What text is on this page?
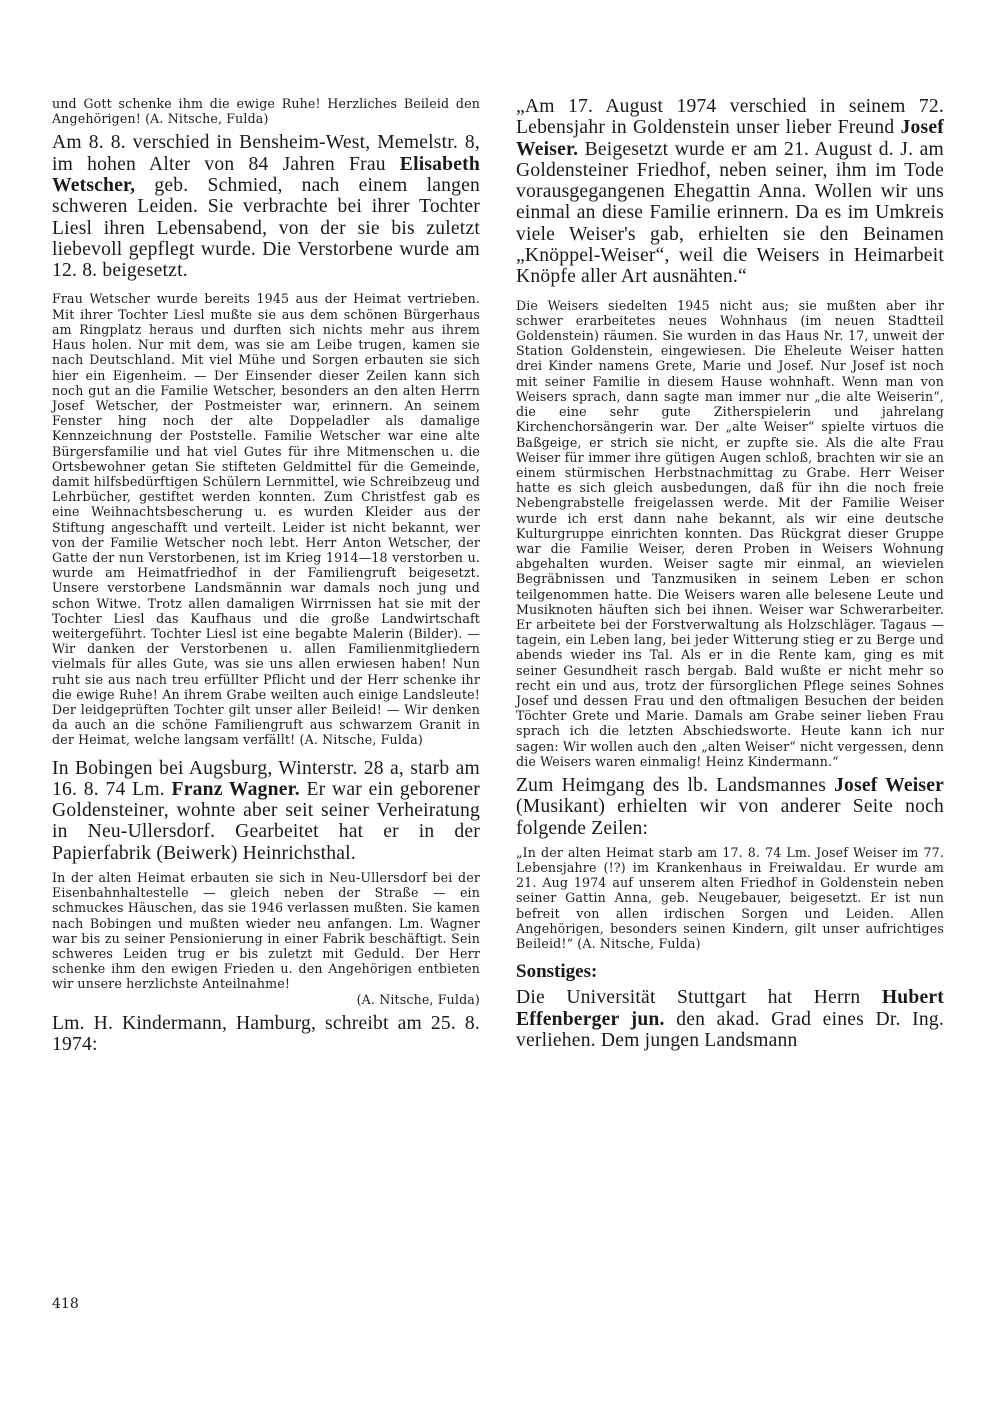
und Gott schenke ihm die ewige Ruhe! Herzliches Beileid den Angehörigen! (A. Nitsche, Fulda)

Am 8. 8. verschied in Bensheim-West, Memelstr. 8, im hohen Alter von 84 Jahren Frau Elisabeth Wetscher, geb. Schmied, nach einem langen schweren Leiden. Sie verbrachte bei ihrer Tochter Liesl ihren Lebensabend, von der sie bis zuletzt liebevoll gepflegt wurde. Die Verstorbene wurde am 12. 8. beigesetzt.

Frau Wetscher wurde bereits 1945 aus der Heimat vertrieben. Mit ihrer Tochter Liesl mußte sie aus dem schönen Bürgerhaus am Ringplatz heraus und durften sich nichts mehr aus ihrem Haus holen. Nur mit dem, was sie am Leibe trugen, kamen sie nach Deutschland. Mit viel Mühe und Sorgen erbauten sie sich hier ein Eigenheim. — Der Einsender dieser Zeilen kann sich noch gut an die Familie Wetscher, besonders an den alten Herrn Josef Wetscher, der Postmeister war, erinnern. An seinem Fenster hing noch der alte Doppeladler als damalige Kennzeichnung der Poststelle. Familie Wetscher war eine alte Bürgersfamilie und hat viel Gutes für ihre Mitmenschen u. die Ortsbewohner getan Sie stifteten Geldmittel für die Gemeinde, damit hilfsbedürftigen Schülern Lernmittel, wie Schreibzeug und Lehrbücher, gestiftet werden konnten. Zum Christfest gab es eine Weihnachtsbescherung u. es wurden Kleider aus der Stiftung angeschafft und verteilt. Leider ist nicht bekannt, wer von der Familie Wetscher noch lebt. Herr Anton Wetscher, der Gatte der nun Verstorbenen, ist im Krieg 1914—18 verstorben u. wurde am Heimatfriedhof in der Familiengruft beigesetzt. Unsere verstorbene Landsmännin war damals noch jung und schon Witwe. Trotz allen damaligen Wirrnissen hat sie mit der Tochter Liesl das Kaufhaus und die große Landwirtschaft weitergeführt. Tochter Liesl ist eine begabte Malerin (Bilder). — Wir danken der Verstorbenen u. allen Familienmitgliedern vielmals für alles Gute, was sie uns allen erwiesen haben! Nun ruht sie aus nach treu erfüllter Pflicht und der Herr schenke ihr die ewige Ruhe! An ihrem Grabe weilten auch einige Landsleute! Der leidgeprüften Tochter gilt unser aller Beileid! — Wir denken da auch an die schöne Familiengruft aus schwarzem Granit in der Heimat, welche langsam verfällt! (A. Nitsche, Fulda)

In Bobingen bei Augsburg, Winterstr. 28 a, starb am 16. 8. 74 Lm. Franz Wagner. Er war ein geborener Goldensteiner, wohnte aber seit seiner Verheiratung in Neu-Ullersdorf. Gearbeitet hat er in der Papierfabrik (Beiwerk) Heinrichsthal.

In der alten Heimat erbauten sie sich in Neu-Ullersdorf bei der Eisenbahnhaltestelle — gleich neben der Straße — ein schmuckes Häuschen, das sie 1946 verlassen mußten. Sie kamen nach Bobingen und mußten wieder neu anfangen. Lm. Wagner war bis zu seiner Pensionierung in einer Fabrik beschäftigt. Sein schweres Leiden trug er bis zuletzt mit Geduld. Der Herr schenke ihm den ewigen Frieden u. den Angehörigen entbieten wir unsere herzlichste Anteilnahme!
(A. Nitsche, Fulda)

Lm. H. Kindermann, Hamburg, schreibt am 25. 8. 1974:

„Am 17. August 1974 verschied in seinem 72. Lebensjahr in Goldenstein unser lieber Freund Josef Weiser. Beigesetzt wurde er am 21. August d. J. am Goldensteiner Friedhof, neben seiner, ihm im Tode vorausgegangenen Ehegattin Anna. Wollen wir uns einmal an diese Familie erinnern. Da es im Umkreis viele Weiser's gab, erhielten sie den Beinamen „Knöppel-Weiser“, weil die Weisers in Heimarbeit Knöpfe aller Art ausnähten.“

Die Weisers siedelten 1945 nicht aus; sie mußten aber ihr schwer erarbeitetes neues Wohnhaus (im neuen Stadtteil Goldenstein) räumen. Sie wurden in das Haus Nr. 17, unweit der Station Goldenstein, eingewiesen. Die Eheleute Weiser hatten drei Kinder namens Grete, Marie und Josef. Nur Josef ist noch mit seiner Familie in diesem Hause wohnhaft. Wenn man von Weisers sprach, dann sagte man immer nur „die alte Weiserin“, die eine sehr gute Zitherspielerin und jahrelang Kirchenchorsängerin war. Der „alte Weiser“ spielte virtuos die Baßgeige, er strich sie nicht, er zupfte sie. Als die alte Frau Weiser für immer ihre gütigen Augen schloß, brachten wir sie an einem stürmischen Herbstnachmittag zu Grabe. Herr Weiser hatte es sich gleich ausbedungen, daß für ihn die noch freie Nebengrabstelle freigelassen werde. Mit der Familie Weiser wurde ich erst dann nahe bekannt, als wir eine deutsche Kulturgruppe einrichten konnten. Das Rückgrat dieser Gruppe war die Familie Weiser, deren Proben in Weisers Wohnung abgehalten wurden. Weiser sagte mir einmal, an wievielen Begräbnissen und Tanzmusiken in seinem Leben er schon teilgenommen hatte. Die Weisers waren alle belesene Leute und Musiknoten häuften sich bei ihnen. Weiser war Schwerarbeiter. Er arbeitete bei der Forstverwaltung als Holzschläger. Tagaus — tagein, ein Leben lang, bei jeder Witterung stieg er zu Berge und abends wieder ins Tal. Als er in die Rente kam, ging es mit seiner Gesundheit rasch bergab. Bald wußte er nicht mehr so recht ein und aus, trotz der fürsorglichen Pflege seines Sohnes Josef und dessen Frau und den oftmaligen Besuchen der beiden Töchter Grete und Marie. Damals am Grabe seiner lieben Frau sprach ich die letzten Abschiedsworte. Heute kann ich nur sagen: Wir wollen auch den „alten Weiser“ nicht vergessen, denn die Weisers waren einmalig! Heinz Kindermann.“

Zum Heimgang des lb. Landsmannes Josef Weiser (Musikant) erhielten wir von anderer Seite noch folgende Zeilen:

„In der alten Heimat starb am 17. 8. 74 Lm. Josef Weiser im 77. Lebensjahre (!?) im Krankenhaus in Freiwaldau. Er wurde am 21. Aug 1974 auf unserem alten Friedhof in Goldenstein neben seiner Gattin Anna, geb. Neugebauer, beigesetzt. Er ist nun befreit von allen irdischen Sorgen und Leiden. Allen Angehörigen, besonders seinen Kindern, gilt unser aufrichtiges Beileid!“ (A. Nitsche, Fulda)

Sonstiges:

Die Universität Stuttgart hat Herrn Hubert Effenberger jun. den akad. Grad eines Dr. Ing. verliehen. Dem jungen Landsmann

418
